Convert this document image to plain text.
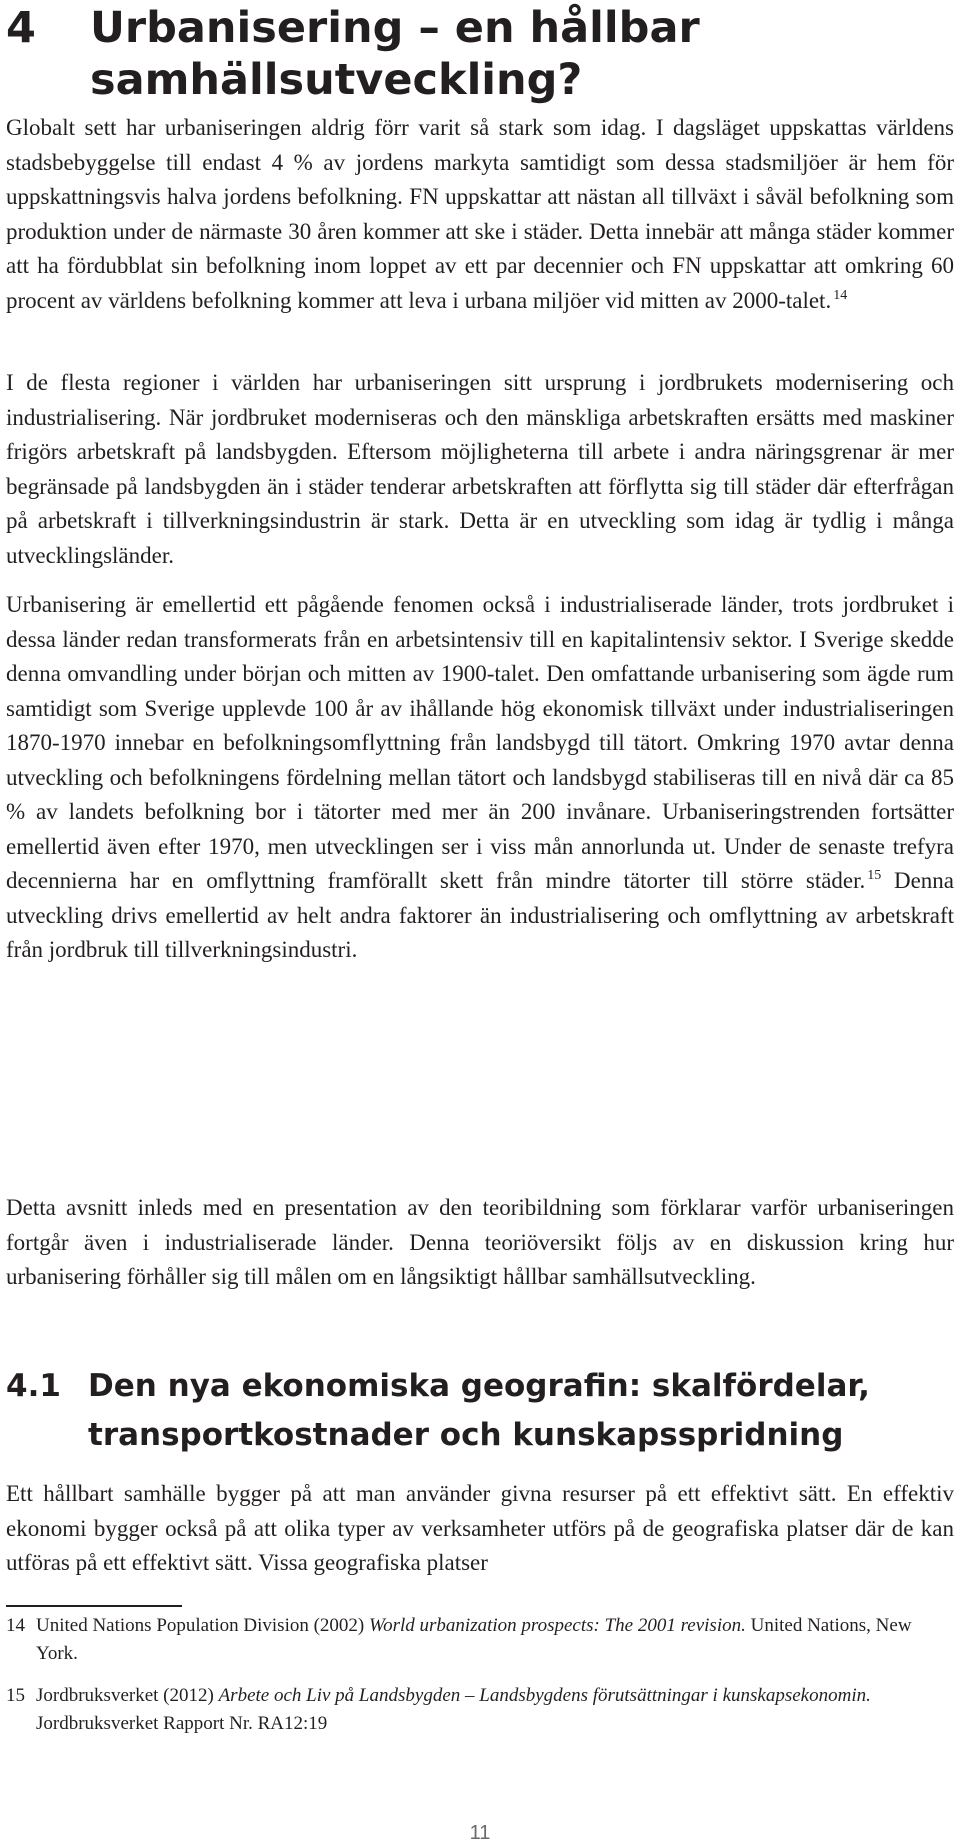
4 Urbanisering – en hållbar samhällsutveckling?

Globalt sett har urbaniseringen aldrig förr varit så stark som idag. I dagsläget uppskattas världens stadsbebyggelse till endast 4 % av jordens markyta samtidigt som dessa stadsmiljöer är hem för uppskattningsvis halva jordens befolkning. FN uppskattar att nästan all tillväxt i såväl befolkning som produktion under de närmaste 30 åren kommer att ske i städer. Detta innebär att många städer kommer att ha fördubblat sin befolkning inom loppet av ett par decennier och FN uppskattar att omkring 60 procent av världens befolkning kommer att leva i urbana miljöer vid mitten av 2000-talet. $^{14}$

I de flesta regioner i världen har urbaniseringen sitt ursprung i jordbrukets modernisering och industrialisering. När jordbruket moderniseras och den mänskliga arbetskraften ersätts med maskiner frigörs arbetskraft på landsbygden. Eftersom möjligheterna till arbete i andra näringsgrenar är mer begränsade på landsbygden än i städer tenderar arbetskraften att förflytta sig till städer där efterfrågan på arbetskraft i tillverkningsindustrin är stark. Detta är en utveckling som idag är tydlig i många utvecklingsländer.

Urbanisering är emellertid ett pågående fenomen också i industrialiserade länder, trots jordbruket i dessa länder redan transformerats från en arbetsintensiv till en kapitalintensiv sektor. I Sverige skedde denna omvandling under början och mitten av 1900-talet. Den omfattande urbanisering som ägde rum samtidigt som Sverige upplevde 100 år av ihållande hög ekonomisk tillväxt under industrialiseringen 1870-1970 innebar en befolkningsomflyttning från landsbygd till tätort. Omkring 1970 avtar denna utveckling och befolkningens fördelning mellan tätort och landsbygd stabiliseras till en nivå där ca 85 % av landets befolkning bor i tätorter med mer än 200 invånare. Urbaniseringstrenden fortsätter emellertid även efter 1970, men utvecklingen ser i viss mån annorlunda ut. Under de senaste trefyra decennierna har en omflyttning framförallt skett från mindre tätorter till större städer. $^{15}$ Denna utveckling drivs emellertid av helt andra faktorer än industrialisering och omflyttning av arbetskraft från jordbruk till tillverkningsindustri.

Detta avsnitt inleds med en presentation av den teoribildning som förklarar varför urbaniseringen fortgår även i industrialiserade länder. Denna teoriöversikt följs av en diskussion kring hur urbanisering förhåller sig till målen om en långsiktigt hållbar samhällsutveckling.

4.1 Den nya ekonomiska geografin: skalfördelar, transportkostnader och kunskapsspridning

Ett hållbart samhälle bygger på att man använder givna resurser på ett effektivt sätt. En effektiv ekonomi bygger också på att olika typer av verksamheter utförs på de geografiska platser där de kan utföras på ett effektivt sätt. Vissa geografiska platser

14 United Nations Population Division (2002) World urbanization prospects: The 2001 revision. United Nations, New York.

15 Jordbruksverket (2012) Arbete och Liv på Landsbygden – Landsbygdens förutsättningar i kunskapsekonomin. Jordbruksverket Rapport Nr. RA12:19

11
